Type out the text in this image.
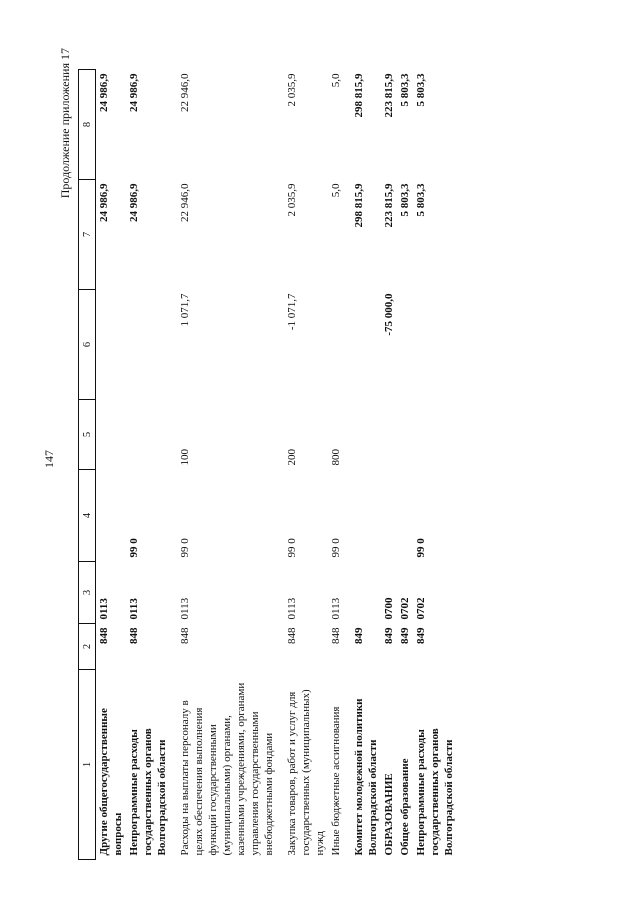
147
Продолжение приложения 17
1	2	3	4	5	6	7	8
Другие общегосударственные вопросы	848	0113				24 986,9	24 986,9
Непрограммные расходы государственных органов Волгоградской области	848	0113	99 0			24 986,9	24 986,9
Расходы на выплаты персоналу в целях обеспечения выполнения функций государственными (муниципальными) органами, казенными учреждениями, органами управления государственными внебюджетными фондами	848	0113	99 0	100	1 071,7	22 946,0	22 946,0
Закупка товаров, работ и услуг для государственных (муниципальных) нужд	848	0113	99 0	200	-1 071,7	2 035,9	2 035,9
Иные бюджетные ассигнования	848	0113	99 0	800		5,0	5,0
Комитет молодежной политики Волгоградской области	849					298 815,9	298 815,9
ОБРАЗОВАНИЕ	849	0700			-75 000,0	223 815,9	223 815,9
Общее образование	849	0702				5 803,3	5 803,3
Непрограммные расходы государственных органов Волгоградской области	849	0702	99 0			5 803,3	5 803,3
